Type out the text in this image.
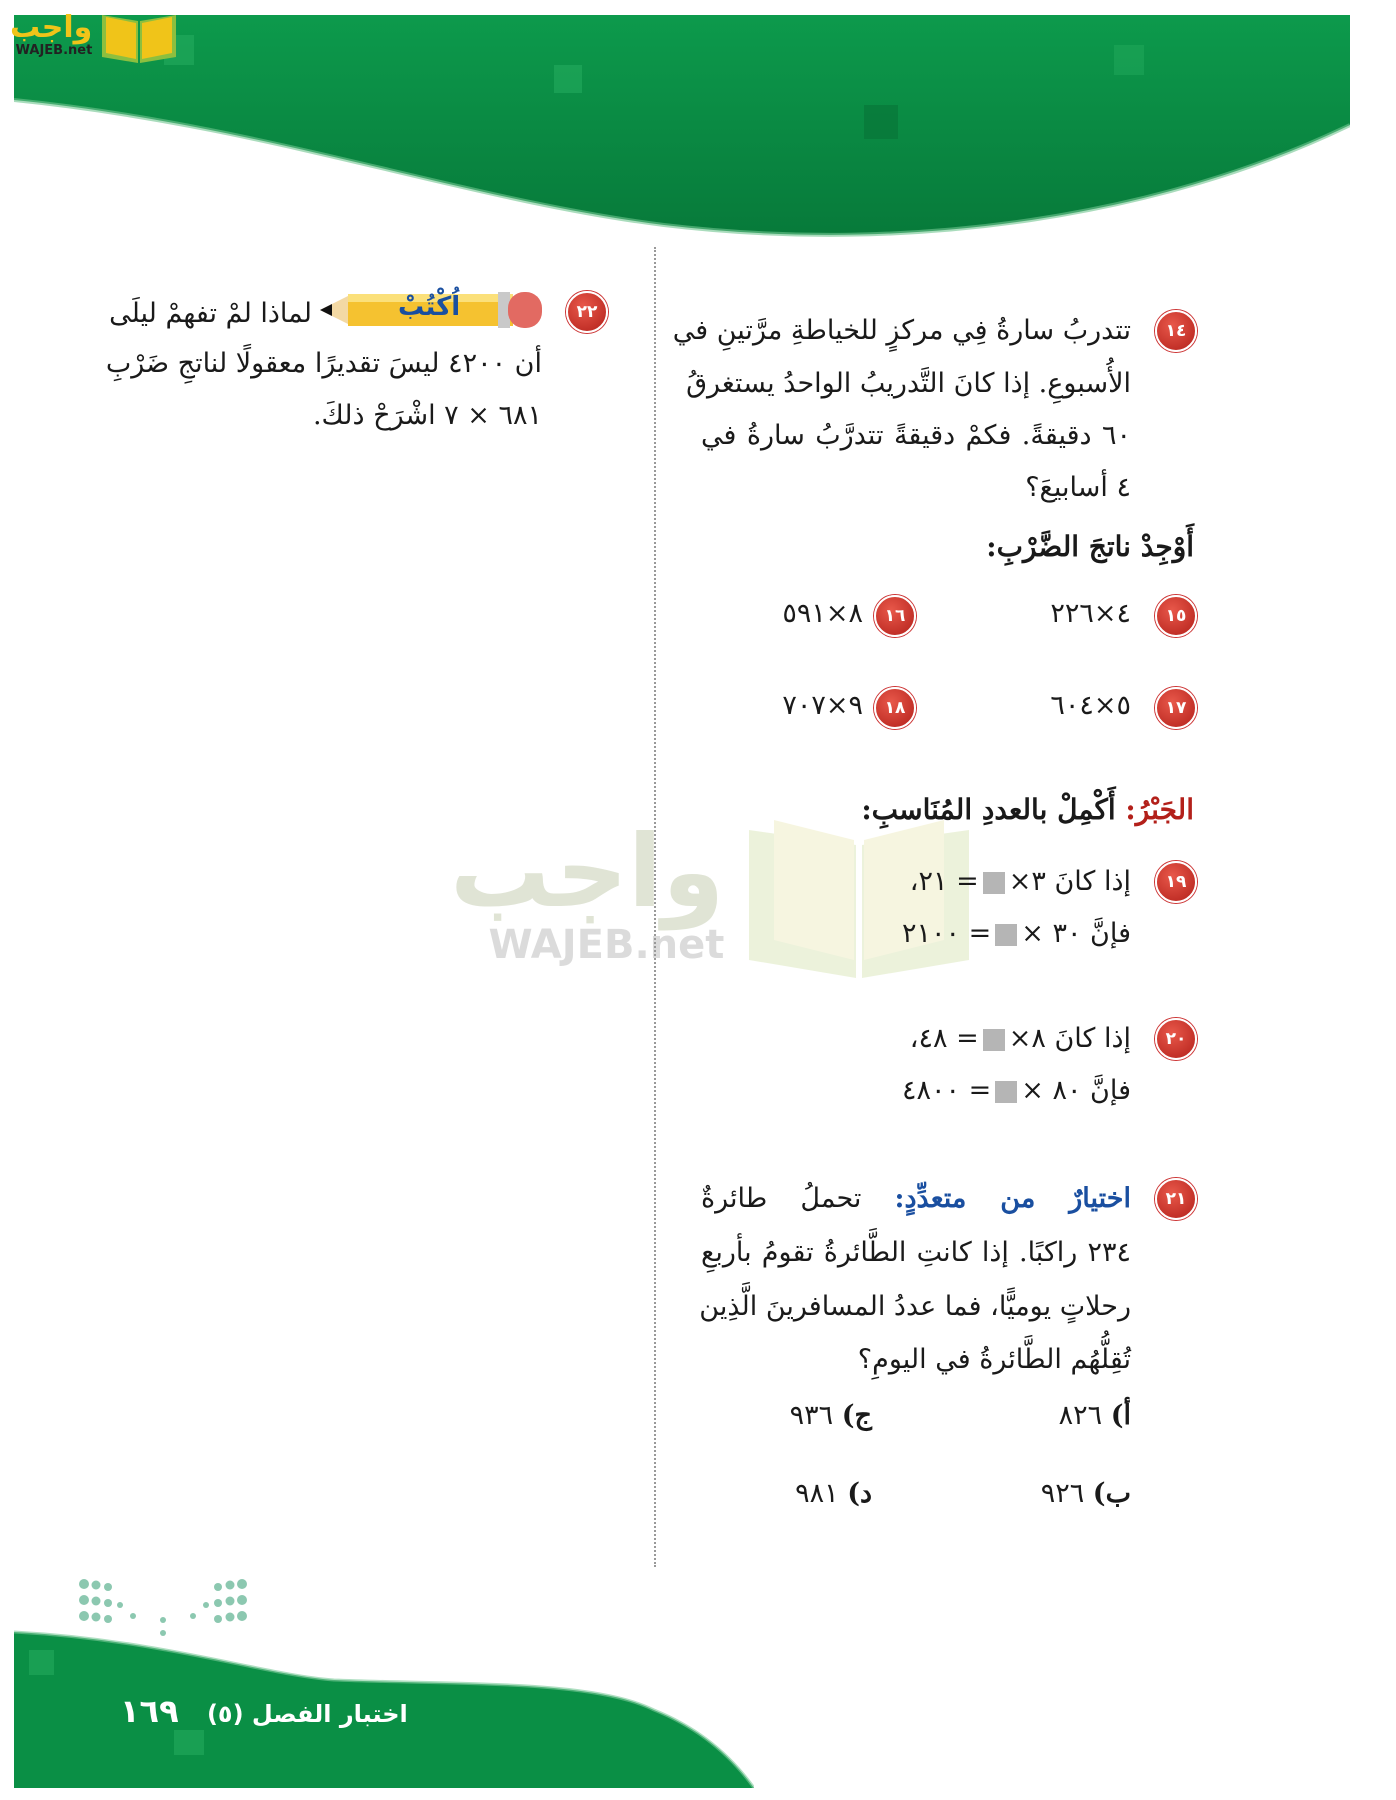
واجب
WAJEB.net
واجب
WAJEB.net
١٤
تتدربُ سارةُ فِي مركزٍ للخياطةِ مرَّتينِ في
الأُسبوعِ. إذا كانَ التَّدريبُ الواحدُ يستغرقُ
٦٠ دقيقةً. فكمْ دقيقةً تتدرَّبُ سارةُ في
٤ أسابيعَ؟
أَوْجِدْ ناتجَ الضَّرْبِ:
١٥
٤×٢٢٦
١٦
٨×٥٩١
١٧
٥×٦٠٤
١٨
٩×٧٠٧
الجَبْرُ: أَكْمِلْ بالعددِ المُنَاسبِ:
١٩
إذا كانَ ٣×= ٢١،
فإنَّ ٣٠ ×= ٢١٠٠
٢٠
إذا كانَ ٨×= ٤٨،
فإنَّ ٨٠ ×= ٤٨٠٠
٢١
اختيارٌ من متعدِّدٍ: تحملُ طائرةٌ
٢٣٤ راكبًا. إذا كانتِ الطَّائرةُ تقومُ بأربعِ
رحلاتٍ يوميًّا، فما عددُ المسافرينَ الَّذِين
تُقِلُّهُم الطَّائرةُ في اليومِ؟
أ) ٨٢٦
ج) ٩٣٦
ب) ٩٢٦
د) ٩٨١
٢٢
اُكْتُبْ
لماذا لمْ تفهمْ ليلَى
أن ٤٢٠٠ ليسَ تقديرًا معقولًا لناتجِ ضَرْبِ
٦٨١ × ٧ اشْرَحْ ذلكَ.
اختبار الفصل (٥) ١٦٩
